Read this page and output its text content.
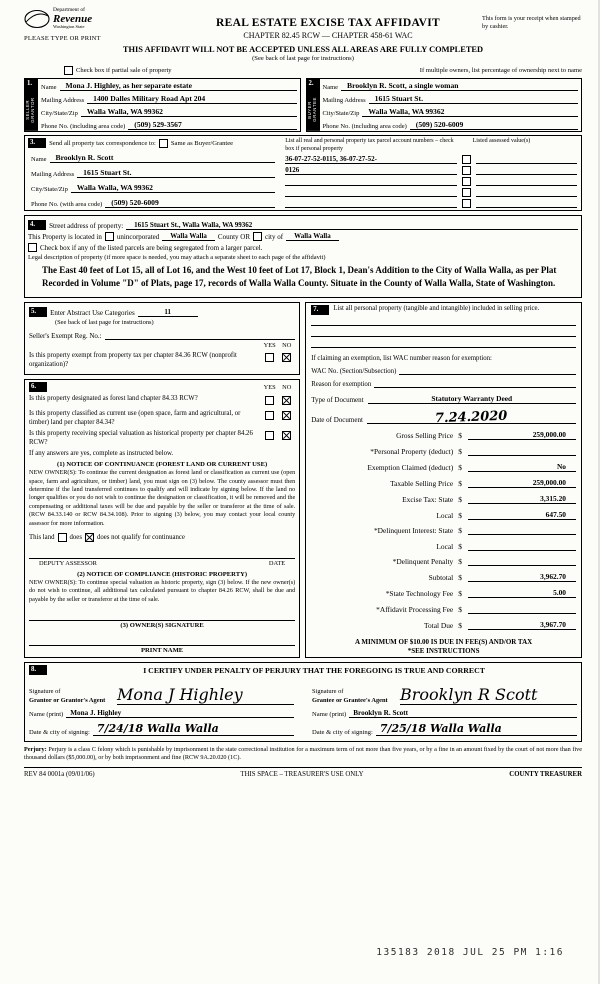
Department of
Revenue
Washington State
PLEASE TYPE OR PRINT
REAL ESTATE EXCISE TAX AFFIDAVIT
CHAPTER 82.45 RCW — CHAPTER 458-61 WAC
This form is your receipt when stamped by cashier.
THIS AFFIDAVIT WILL NOT BE ACCEPTED UNLESS ALL AREAS ARE FULLY COMPLETED
(See back of last page for instructions)
Check box if partial sale of property	If multiple owners, list percentage of ownership next to name
1.
SELLERGRANTOR
Name	Mona J. Highley, as her separate estate
Mailing Address	1400 Dalles Military Road Apt 204
City/State/Zip	Walla Walla, WA 99362
Phone No. (including area code)	(509) 529-3567
2.
BUYERGRANTEE
Name	Brooklyn R. Scott, a single woman
Mailing Address	1615 Stuart St.
City/State/Zip	Walla Walla, WA 99362
Phone No. (including area code)	(509) 520-6009
3.	Send all property tax correspondence to: Same as Buyer/Grantee
Name	Brooklyn R. Scott
Mailing Address	1615 Stuart St.
City/State/Zip	Walla Walla, WA 99362
Phone No. (with area code)	(509) 520-6009
List all real and personal property tax parcel account numbers – check box if personal property
Listed assessed value(s)
36-07-27-52-0115, 36-07-27-52-
0126
4.	Street address of property:	1615 Stuart St., Walla Walla, WA 99362
This Property is located in unincorporated	Walla Walla	County OR city of	Walla Walla
Check box if any of the listed parcels are being segregated from a larger parcel.
Legal description of property (if more space is needed, you may attach a separate sheet to each page of the affidavit)
The East 40 feet of Lot 15, all of Lot 16, and the West 10 feet of Lot 17, Block 1, Dean's Addition to the City of Walla Walla, as per Plat Recorded in Volume "D" of Plats, page 17, records of Walla Walla County. Situate in the County of Walla Walla, State of Washington.
5.	Enter Abstract Use Categories	11
(See back of last page for instructions)
Seller's Exempt Reg. No.:
YES NO
Is this property exempt from property tax per chapter 84.36 RCW (nonprofit organization)?
6.	YES NO
Is this property designated as forest land chapter 84.33 RCW?
Is this property classified as current use (open space, farm and agricultural, or timber) land per chapter 84.34?
Is this property receiving special valuation as historical property per chapter 84.26 RCW?
If any answers are yes, complete as instructed below.
(1) NOTICE OF CONTINUANCE (FOREST LAND OR CURRENT USE)
NEW OWNER(S): To continue the current designation as forest land or classification as current use (open space, farm and agriculture, or timber) land, you must sign on (3) below. The county assessor must then determine if the land transferred continues to qualify and will indicate by signing below. If the land no longer qualifies or you do not wish to continue the designation or classification, it will be removed and the compensating or additional taxes will be due and payable by the seller or transferor at the time of sale. (RCW 84.33.140 or RCW 84.34.108). Prior to signing (3) below, you may contact your local county assessor for more information.
This land does does not qualify for continuance
DEPUTY ASSESSOR	DATE
(2) NOTICE OF COMPLIANCE (HISTORIC PROPERTY)
NEW OWNER(S): To continue special valuation as historic property, sign (3) below. If the new owner(s) do not wish to continue, all additional tax calculated pursuant to chapter 84.26 RCW, shall be due and payable by the seller or transferor at the time of sale.
(3) OWNER(S) SIGNATURE
PRINT NAME
7.	List all personal property (tangible and intangible) included in selling price.
If claiming an exemption, list WAC number reason for exemption:
WAC No. (Section/Subsection)
Reason for exemption
Type of Document	Statutory Warranty Deed
Date of Document	7.24.2020
Gross Selling Price $	259,000.00
*Personal Property (deduct) $
Exemption Claimed (deduct) $	No
Taxable Selling Price $	259,000.00
Excise Tax: State $	3,315.20
Local $	647.50
*Delinquent Interest: State $
Local $
*Delinquent Penalty $
Subtotal $	3,962.70
*State Technology Fee $	5.00
*Affidavit Processing Fee $
Total Due $	3,967.70
A MINIMUM OF $10.00 IS DUE IN FEE(S) AND/OR TAX
*SEE INSTRUCTIONS
8.	I CERTIFY UNDER PENALTY OF PERJURY THAT THE FOREGOING IS TRUE AND CORRECT
Signature of
Grantor or Grantor's Agent Mona J Highley
Name (print) Mona J. Highley
Date & city of signing: 7/24/18 Walla Walla
Signature of
Grantee or Grantee's Agent Brooklyn R Scott
Name (print) Brooklyn R. Scott
Date & city of signing: 7/25/18 Walla Walla
Perjury: Perjury is a class C felony which is punishable by imprisonment in the state correctional institution for a maximum term of not more than five years, or by a fine in an amount fixed by the court of not more than five thousand dollars ($5,000.00), or by both imprisonment and fine (RCW 9A.20.020 (1C).
REV 84 0001a (09/01/06)	THIS SPACE – TREASURER'S USE ONLY	COUNTY TREASURER
135183 2018 JUL 25 PM 1:16
